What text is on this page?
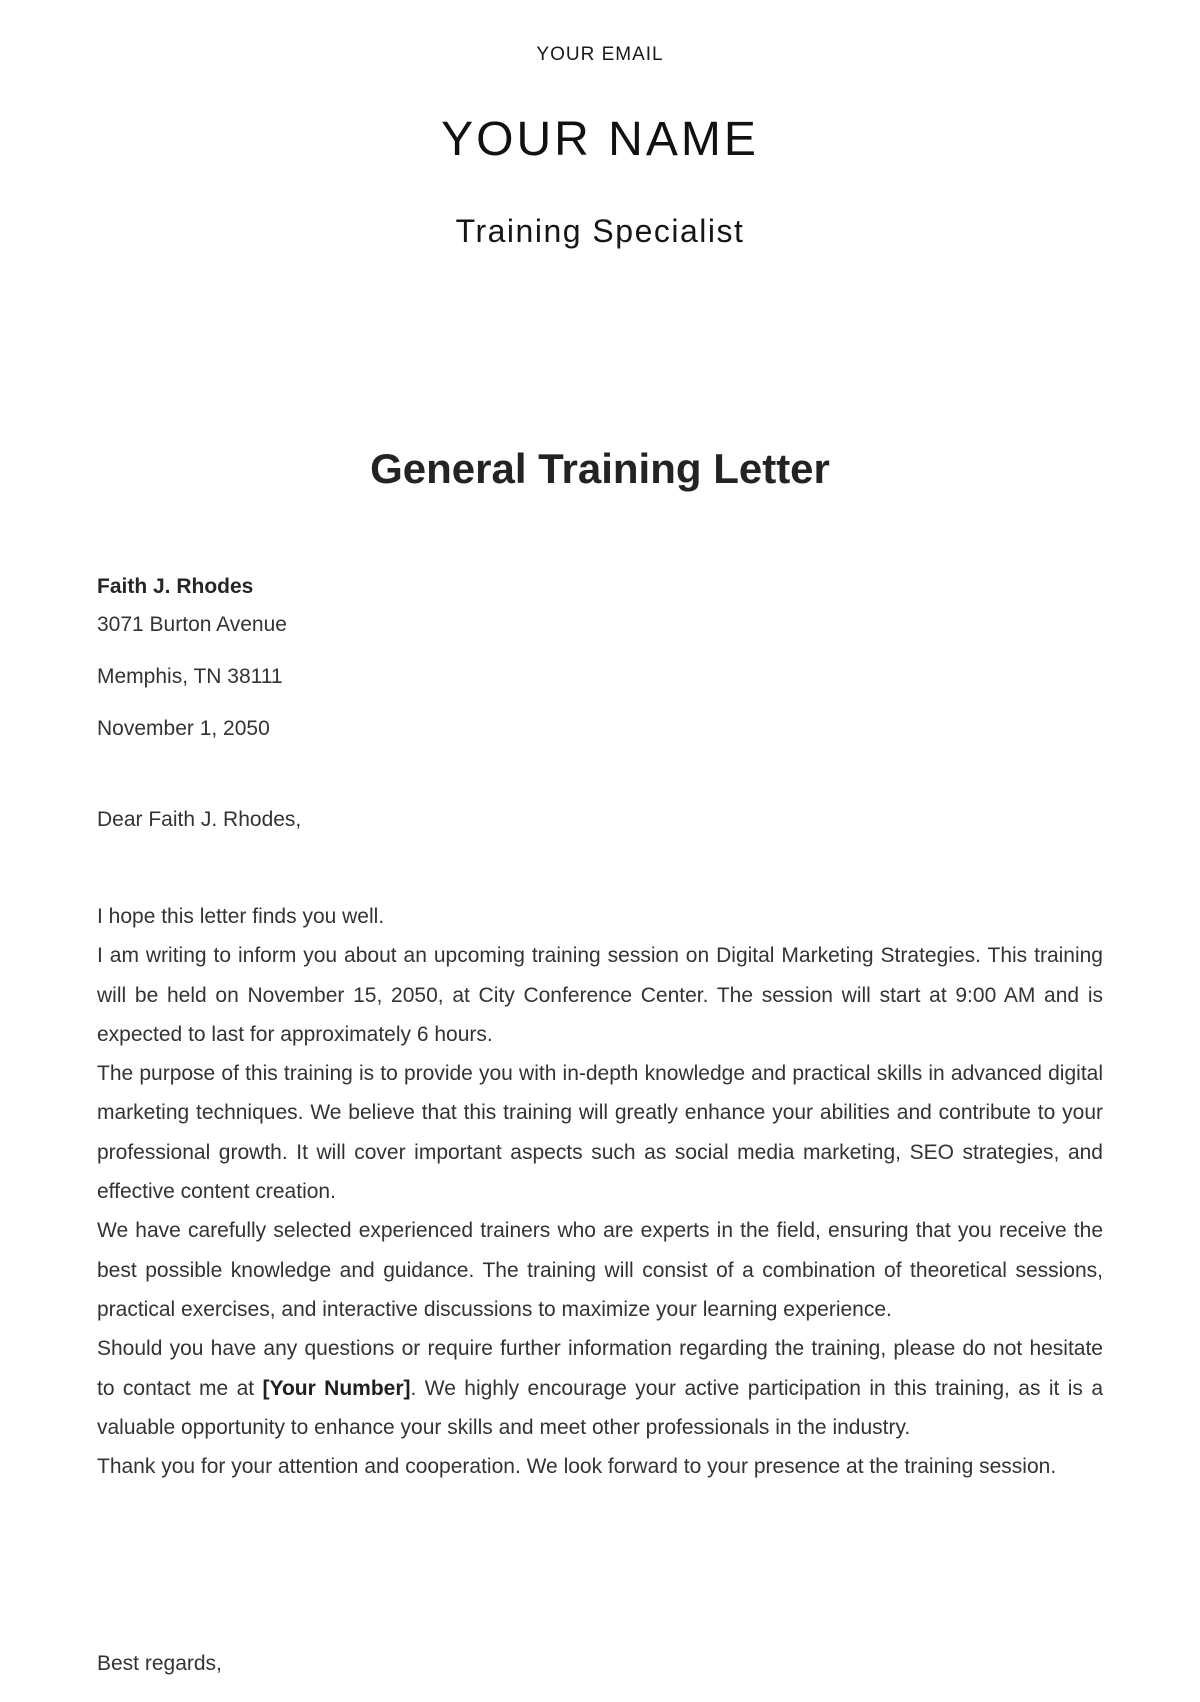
YOUR EMAIL
YOUR NAME
Training Specialist
General Training Letter
Faith J. Rhodes
3071 Burton Avenue
Memphis, TN 38111
November 1, 2050
Dear Faith J. Rhodes,

I hope this letter finds you well.

I am writing to inform you about an upcoming training session on Digital Marketing Strategies. This training will be held on November 15, 2050, at City Conference Center. The session will start at 9:00 AM and is expected to last for approximately 6 hours.

The purpose of this training is to provide you with in-depth knowledge and practical skills in advanced digital marketing techniques. We believe that this training will greatly enhance your abilities and contribute to your professional growth. It will cover important aspects such as social media marketing, SEO strategies, and effective content creation.

We have carefully selected experienced trainers who are experts in the field, ensuring that you receive the best possible knowledge and guidance. The training will consist of a combination of theoretical sessions, practical exercises, and interactive discussions to maximize your learning experience.

Should you have any questions or require further information regarding the training, please do not hesitate to contact me at [Your Number]. We highly encourage your active participation in this training, as it is a valuable opportunity to enhance your skills and meet other professionals in the industry.

Thank you for your attention and cooperation. We look forward to your presence at the training session.

Best regards,
